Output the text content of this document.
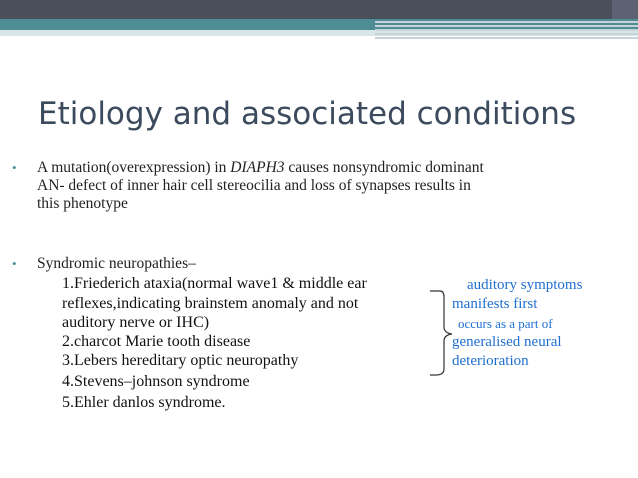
Etiology and associated conditions
• A mutation(overexpression) in DIAPH3 causes nonsyndromic dominant
AN- defect of inner hair cell stereocilia and loss of synapses results in
this phenotype
• Syndromic neuropathies–
1.Friederich ataxia(normal wave1 & middle ear
reflexes,indicating brainstem anomaly and not
auditory nerve or IHC)
2.charcot Marie tooth disease
3.Lebers hereditary optic neuropathy
4.Stevens–johnson syndrome
5.Ehler danlos syndrome.
auditory symptoms
manifests first
occurs as a part of
generalised neural
deterioration
